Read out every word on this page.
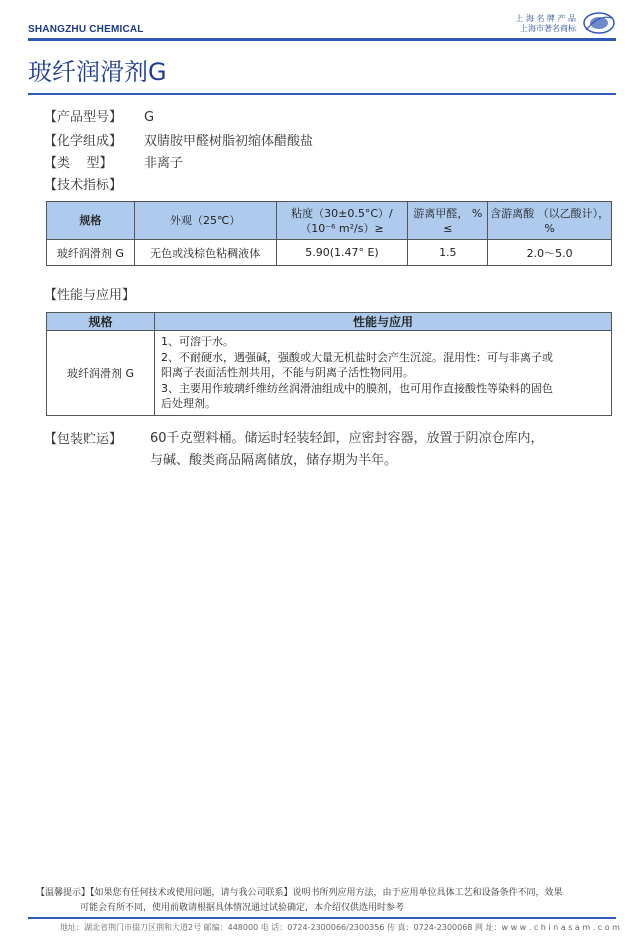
SHANGZHU CHEMICAL
上 海 名 牌 产 品
上海市著名商标
玻纤润滑剂G
【产品型号】 G
【化学组成】 双腈胺甲醛树脂初缩体醋酸盐
【类    型】 非离子
【技术指标】
规格	外观（25℃）	粘度（30±0.5°C）/ （10⁻⁶ m²/s）≥	游离甲醛， % ≤	含游离酸 （以乙酸计），%
玻纤润滑剂 G	无色或浅棕色粘稠液体	5.90(1.47° E)	1.5	2.0～5.0
【性能与应用】
规格	性能与应用
玻纤润滑剂 G	1、可溶于水。
2、不耐硬水，遇强碱，强酸或大量无机盐时会产生沉淀。混用性：可与非离子或
阳离子表面活性剂共用，不能与阴离子活性物同用。
3、主要用作玻璃纤维纺丝润滑油组成中的膜剂，也可用作直接酸性等染料的固色
后处理剂。
【包装贮运】 60千克塑料桶。储运时轻装轻卸，应密封容器，放置于阴凉仓库内，
与碱、酸类商品隔离储放，储存期为半年。
【温馨提示】【如果您有任何技术或使用问题，请与我公司联系】说明书所列应用方法，由于应用单位具体工艺和设备条件不同，效果
可能会有所不同，使用前敬请根据具体情况通过试验确定，本介绍仅供选用时参考
地址：湖北省荆门市掇刀区荆和大道2号 邮编：448000 电 话：0724-2300066/2300356 传 真：0724-2300068 网 址：w w w . c h i n a s a m . c o m
